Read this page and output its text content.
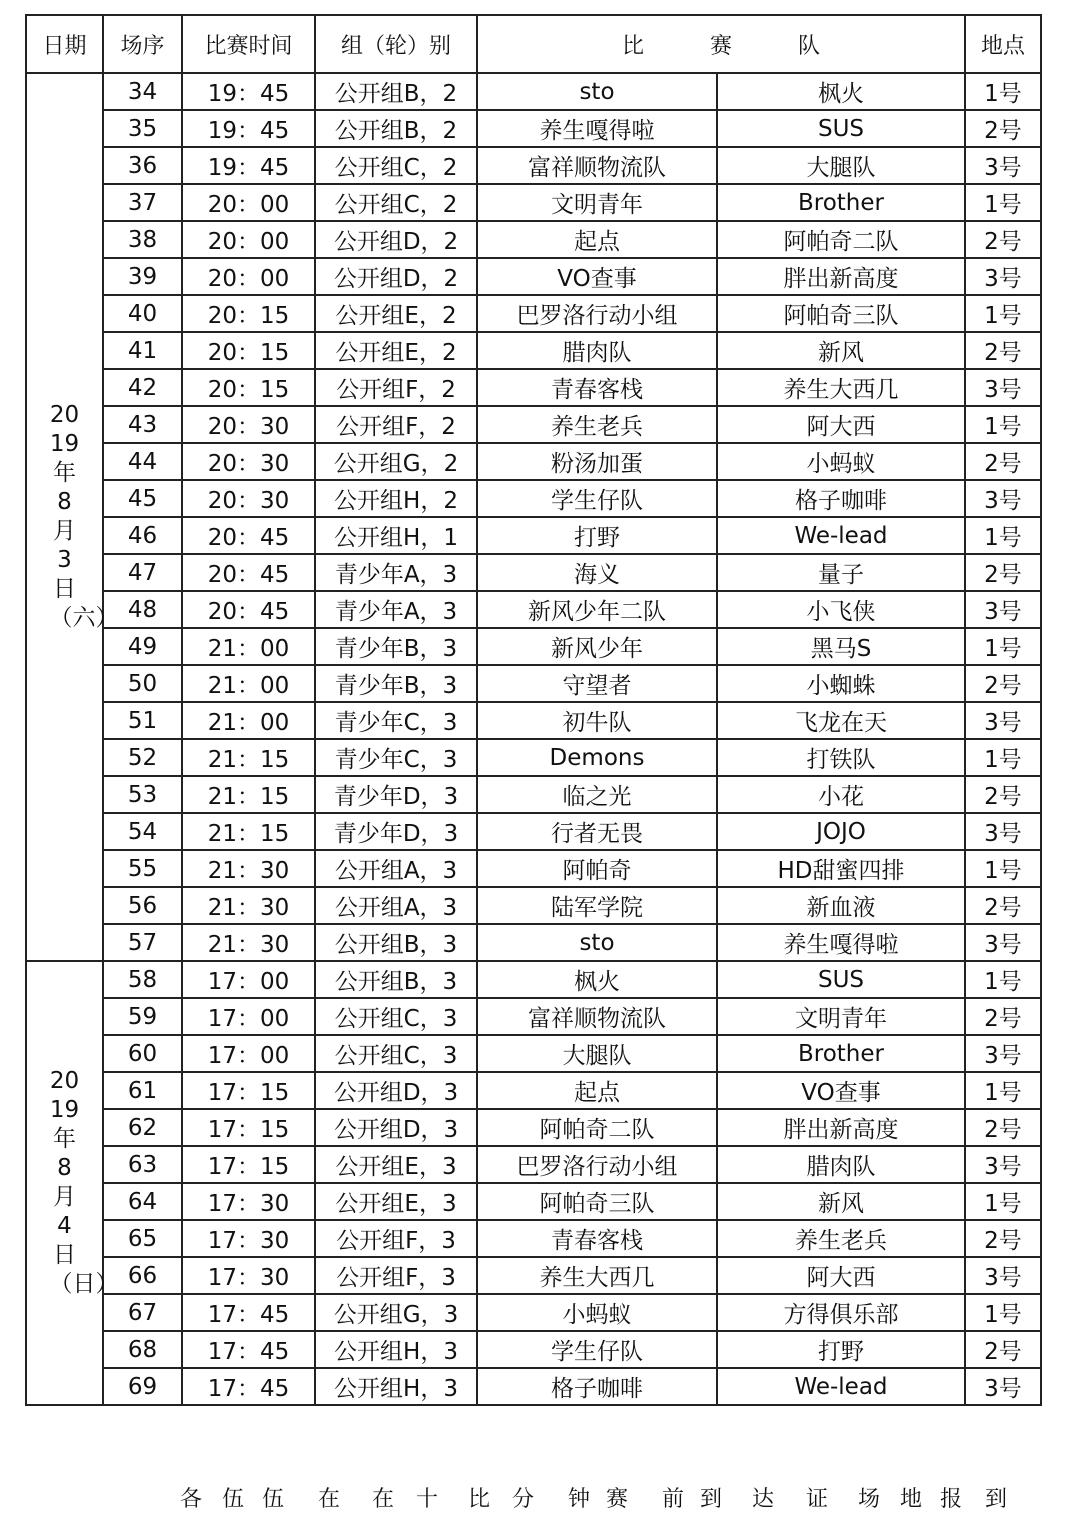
日期	场序	比赛时间	组（轮）别	比 赛 队		地点
2019年8月3日（六）	34	19：45	公开组B，2	sto	枫火	1号
	35	19：45	公开组B，2	养生嘎得啦	SUS	2号
	36	19：45	公开组C，2	富祥顺物流队	大腿队	3号
	37	20：00	公开组C，2	文明青年	Brother	1号
	38	20：00	公开组D，2	起点	阿帕奇二队	2号
	39	20：00	公开组D，2	VO查事	胖出新高度	3号
	40	20：15	公开组E，2	巴罗洛行动小组	阿帕奇三队	1号
	41	20：15	公开组E，2	腊肉队	新风	2号
	42	20：15	公开组F，2	青春客栈	养生大西几	3号
	43	20：30	公开组F，2	养生老兵	阿大西	1号
	44	20：30	公开组G，2	粉汤加蛋	小蚂蚁	2号
	45	20：30	公开组H，2	学生仔队	格子咖啡	3号
	46	20：45	公开组H，1	打野	We-lead	1号
	47	20：45	青少年A，3	海义	量子	2号
	48	20：45	青少年A，3	新风少年二队	小飞侠	3号
	49	21：00	青少年B，3	新风少年	黑马S	1号
	50	21：00	青少年B，3	守望者	小蜘蛛	2号
	51	21：00	青少年C，3	初牛队	飞龙在天	3号
	52	21：15	青少年C，3	Demons	打铁队	1号
	53	21：15	青少年D，3	临之光	小花	2号
	54	21：15	青少年D，3	行者无畏	JOJO	3号
	55	21：30	公开组A，3	阿帕奇	HD甜蜜四排	1号
	56	21：30	公开组A，3	陆军学院	新血液	2号
	57	21：30	公开组B，3	sto	养生嘎得啦	3号
2019年8月4日（日）	58	17：00	公开组B，3	枫火	SUS	1号
	59	17：00	公开组C，3	富祥顺物流队	文明青年	2号
	60	17：00	公开组C，3	大腿队	Brother	3号
	61	17：15	公开组D，3	起点	VO查事	1号
	62	17：15	公开组D，3	阿帕奇二队	胖出新高度	2号
	63	17：15	公开组E，3	巴罗洛行动小组	腊肉队	3号
	64	17：30	公开组E，3	阿帕奇三队	新风	1号
	65	17：30	公开组F，3	青春客栈	养生老兵	2号
	66	17：30	公开组F，3	养生大西几	阿大西	3号
	67	17：45	公开组G，3	小蚂蚁	方得俱乐部	1号
	68	17：45	公开组H，3	学生仔队	打野	2号
	69	17：45	公开组H，3	格子咖啡	We-lead	3号
各 伍 伍 在 在 十 比 分 钟 赛 前 到 达 证 场 地 报 到
